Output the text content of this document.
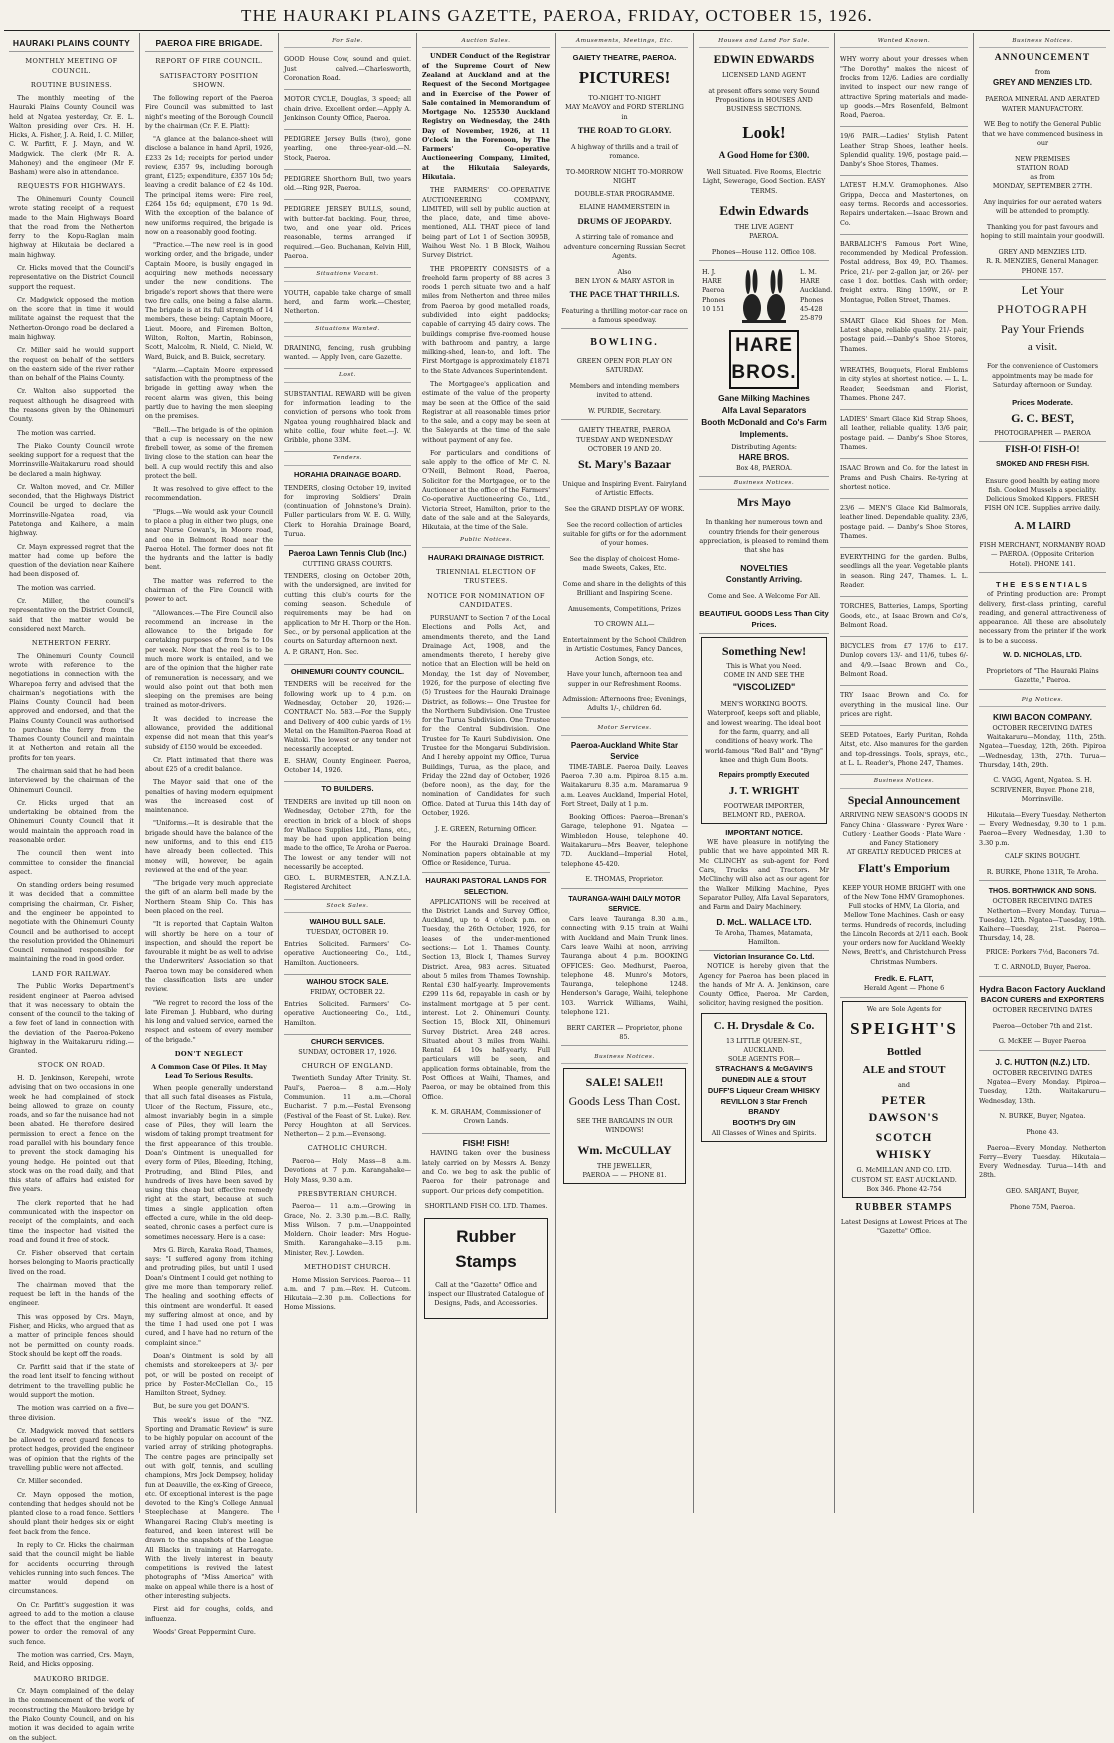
THE HAURAKI PLAINS GAZETTE, PAEROA, FRIDAY, OCTOBER 15, 1926.
HAURAKI PLAINS COUNTY
MONTHLY MEETING OF COUNCIL.
ROUTINE BUSINESS.

The monthly meeting of the Hauraki Plains County Council was held at Ngatea yesterday, Cr. E. L. Walton presiding over Crs. H. H. Hicks, A. Fisher, J. A. Reid, I. C. Miller, C. W. Parfitt, F. J. Mayn, and W. Madgwick. The clerk (Mr R. A. Mahoney) and the engineer (Mr F. Basham) were also in attendance.

REQUESTS FOR HIGHWAYS.

The Ohinemuri County Council wrote stating receipt of a request made to the Main Highways Board that the road from the Netherton ferry to the Kopu-Raglan main highway at Hikutaia be declared a main highway.

Cr. Hicks moved that the Council's representative on the District Council support the request.

Cr. Madgwick opposed the motion on the score that in time it would militate against the request that the Netherton-Orongo road be declared a main highway.

Cr. Miller said he would support the request on behalf of the settlers on the eastern side of the river rather than on behalf of the Plains County.

Cr. Walton also supported the request although he disagreed with the reasons given by the Ohinemuri County.

The motion was carried.

The Piako County Council wrote seeking support for a request that the Morrinsville-Waitakaruru road should be declared a main highway.

Cr. Walton moved, and Cr. Miller seconded, that the Highways District Council be urged to declare the Morrinsville-Ngatea road, via Patetonga and Kaihere, a main highway.

Cr. Mayn expressed regret that the matter had come up before the question of the deviation near Kaihere had been disposed of.

The motion was carried.

Cr. Miller, the council's representative on the District Council, said that the matter would be considered next March.

NETHERTON FERRY.

The Ohinemuri County Council wrote with reference to the negotiations in connection with the Wharepoa ferry and advised that the chairman's negotiations with the Plains County Council had been approved and endorsed, and that the Plains County Council was authorised to purchase the ferry from the Thames County Council and maintain it at Netherton and retain all the profits for ten years.

The chairman said that he had been interviewed by the chairman of the Ohinemuri Council.

Cr. Hicks urged that an undertaking be obtained from the Ohinemuri County Council that it would maintain the approach road in reasonable order.

The council then went into committee to consider the financial aspect.

On standing orders being resumed it was decided that a committee comprising the chairman, Cr. Fisher, and the engineer be appointed to negotiate with the Ohinemuri County Council and be authorised to accept the resolution provided the Ohinemuri Council remained responsible for maintaining the road in good order.

LAND FOR RAILWAY.

The Public Works Department's resident engineer at Paeroa advised that it was necessary to obtain the consent of the council to the taking of a few feet of land in connection with the deviation of the Paeroa-Pokeno highway in the Waitakaruru riding.—Granted.

STOCK ON ROAD.

H. D. Jenkinson, Kerepehi, wrote advising that on two occasions in one week he had complained of stock being allowed to graze on county roads, and so far the nuisance had not been abated. He therefore desired permission to erect a fence on the road parallel with his boundary fence to prevent the stock damaging his young hedge. He pointed out that stock was on the road daily, and that this state of affairs had existed for five years.

The clerk reported that he had communicated with the inspector on receipt of the complaints, and each time the inspector had visited the road and found it free of stock.

Cr. Fisher observed that certain horses belonging to Maoris practically lived on the road.

The chairman moved that the request be left in the hands of the engineer.

This was opposed by Crs. Mayn, Fisher, and Hicks, who argued that as a matter of principle fences should not be permitted on county roads. Stock should be kept off the roads.

Cr. Parfitt said that if the state of the road lent itself to fencing without detriment to the travelling public he would support the motion.

The motion was carried on a five—three division.

Cr. Madgwick moved that settlers be allowed to erect guard fences to protect hedges, provided the engineer was of opinion that the rights of the travelling public were not affected.

Cr. Miller seconded.

Cr. Mayn opposed the motion, contending that hedges should not be planted close to a road fence. Settlers should plant their hedges six or eight feet back from the fence.

In reply to Cr. Hicks the chairman said that the council might be liable for accidents occurring through vehicles running into such fences. The matter would depend on circumstances.

On Cr. Parfitt's suggestion it was agreed to add to the motion a clause to the effect that the engineer had power to order the removal of any such fence.

The motion was carried, Crs. Mayn, Reid, and Hicks opposing.

MAUKORO BRIDGE.

Cr. Mayn complained of the delay in the commencement of the work of reconstructing the Maukoro bridge by the Piako County Council, and on his motion it was decided to again write on the subject.

PAEROA FIRE BRIGADE.
REPORT OF FIRE COUNCIL.
SATISFACTORY POSITION SHOWN.

The following report of the Paeroa Fire Council was submitted to last night's meeting of the Borough Council by the chairman (Cr. F. E. Platt):

"A glance at the balance-sheet will disclose a balance in hand April, 1926, £233 2s 1d; receipts for period under review, £357 9s, including borough grant, £125; expenditure, £357 10s 5d; leaving a credit balance of £2 4s 10d. The principal items were: Fire reel, £264 15s 6d; equipment, £70 1s 9d. With the exception of the balance of new uniforms required, the brigade is now on a reasonably good footing.

"Practice.—The new reel is in good working order, and the brigade, under Captain Moore, is busily engaged in acquiring new methods necessary under the new conditions. The brigade's report shows that there were two fire calls, one being a false alarm. The brigade is at its full strength of 14 members, these being: Captain Moore, Lieut. Moore, and Firemen Bolton, Wilton, Rolton, Martin, Robinson, Scott, Malcolm, R. Nield, C. Nield, W. Ward, Buick, and B. Buick, secretary.

"Alarm.—Captain Moore expressed satisfaction with the promptness of the brigade in getting away when the recent alarm was given, this being partly due to having the men sleeping on the premises.

"Bell.—The brigade is of the opinion that a cup is necessary on the new firebell tower, as some of the firemen living close to the station can hear the bell. A cup would rectify this and also protect the bell.

It was resolved to give effect to the recommendation.

"Plugs.—We would ask your Council to place a plug in either two plugs, one near Nurse Cowan's, in Moore road, and one in Belmont Road near the Paeroa Hotel. The former does not fit the hydrants and the latter is badly bent.

The matter was referred to the chairman of the Fire Council with power to act.

"Allowances.—The Fire Council also recommend an increase in the allowance to the brigade for caretaking purposes of from 5s to 10s per week. Now that the reel is to be much more work is entailed, and we are of the opinion that the higher rate of remuneration is necessary, and we would also point out that both men sleeping on the premises are being trained as motor-drivers.

It was decided to increase the allowance, provided the additional expense did not mean that this year's subsidy of £150 would be exceeded.

Cr. Platt intimated that there was about £25 of a credit balance.

The Mayor said that one of the penalties of having modern equipment was the increased cost of maintenance.

"Uniforms.—It is desirable that the brigade should have the balance of the new uniforms, and to this end £15 have already been collected. This money will, however, be again reviewed at the end of the year.

"The brigade very much appreciate the gift of an alarm bell made by the Northern Steam Ship Co. This has been placed on the reel.

"It is reported that Captain Walton will shortly be here on a tour of inspection, and should the report be favourable it might be as well to advise the Underwriters' Association so that Paeroa town may be considered when the classification lists are under review.

"We regret to record the loss of the late Fireman J. Hubbard, who during his long and valued service, earned the respect and esteem of every member of the brigade."

DON'T NEGLECT
A Common Case Of Piles. It May Lead To Serious Results.

When people generally understand that all such fatal diseases as Fistula, Ulcer of the Rectum, Fissure, etc., almost invariably begin in a simple case of Piles, they will learn the wisdom of taking prompt treatment for the first appearance of this trouble. Doan's Ointment is unequalled for every form of Piles, Bleeding, Itching, Protruding, and Blind Piles, and hundreds of lives have been saved by using this cheap but effective remedy right at the start, because at such times a single application often effected a cure, while in the old deep-seated, chronic cases a perfect cure is sometimes necessary. Here is a case:

Mrs G. Birch, Karaka Road, Thames, says: "I suffered agony from itching and protruding piles, but until I used Doan's Ointment I could get nothing to give me more than temporary relief. The healing and soothing effects of this ointment are wonderful. It eased my suffering almost at once, and by the time I had used one pot I was cured, and I have had no return of the complaint since."

Doan's Ointment is sold by all chemists and storekeepers at 3/- per pot, or will be posted on receipt of price by Foster-McClellan Co., 15 Hamilton Street, Sydney.

But, be sure you get DOAN'S.

This week's issue of the "NZ. Sporting and Dramatic Review" is sure to be highly popular on account of the varied array of striking photographs. The centre pages are principally set out with golf, tennis, and sculling champions, Mrs Jock Dempsey, holiday fun at Deauville, the ex-King of Greece, etc. Of exceptional interest is the page devoted to the King's College Annual Steeplechase at Mangere. The Whangarei Racing Club's meeting is featured, and keen interest will be drawn to the snapshots of the League All Blacks in training at Harrogate. With the lively interest in beauty competitions is revived the latest photographs of "Miss America" with make on appeal while there is a host of other interesting subjects.

First aid for coughs, colds, and influenza.

Woods' Great Peppermint Cure.

For Sale.

GOOD House Cow, sound and quiet. Just calved.—Charlesworth, Coronation Road.

MOTOR CYCLE, Douglas, 3 speed; all chain drive. Excellent order.—Apply A. Jenkinson County Office, Paeroa.

PEDIGREE Jersey Bulls (two), gone yearling, one three-year-old.—N. Stock, Paeroa.

PEDIGREE Shorthorn Bull, two years old.—Ring 92R, Paeroa.

PEDIGREE JERSEY BULLS, sound, with butter-fat backing. Four, three, two, and one year old. Prices reasonable, terms arranged if required.—Geo. Buchanan, Kelvin Hill, Paeroa.

Situations Vacant.

YOUTH, capable take charge of small herd, and farm work.—Chester, Netherton.

Situations Wanted.

DRAINING, fencing, rush grubbing wanted. — Apply Iven, care Gazette.

Lost.

SUBSTANTIAL REWARD will be given for information leading to the conviction of persons who took from Ngatea young roughhaired black and white collie, four white feet.—J. W. Gribble, phone 33M.

Tenders.
HORAHIA DRAINAGE BOARD.

TENDERS, closing October 19, invited for improving Soldiers' Drain (continuation of Johnstone's Drain). Fuller particulars from W. E. G. Willy, Clerk to Horahia Drainage Board, Turua.

Paeroa Lawn Tennis Club (Inc.)
CUTTING GRASS COURTS.

TENDERS, closing on October 20th, with the undersigned, are invited for cutting this club's courts for the coming season. Schedule of requirements may be had on application to Mr H. Thorp or the Hon. Sec., or by personal application at the courts on Saturday afternoon next.

A. P. GRANT, Hon. Sec.

OHINEMURI COUNTY COUNCIL.

TENDERS will be received for the following work up to 4 p.m. on Wednesday, October 20, 1926:— CONTRACT No. 583.—For the Supply and Delivery of 400 cubic yards of 1½ Metal on the Hamilton-Paeroa Road at Waitoki. The lowest or any tender not necessarily accepted.

E. SHAW, County Engineer. Paeroa, October 14, 1926.

TO BUILDERS.

TENDERS are invited up till noon on Wednesday, October 27th, for the erection in brick of a block of shops for Wallace Supplies Ltd., Plans, etc., may be had upon application being made to the office, Te Aroha or Paeroa. The lowest or any tender will not necessarily be accepted.

GEO. L. BURMESTER, A.N.Z.I.A. Registered Architect

Stock Sales.
WAIHOU BULL SALE.
TUESDAY, OCTOBER 19.

Entries Solicited. Farmers' Co-operative Auctioneering Co., Ltd., Hamilton. Auctioneers.

WAIHOU STOCK SALE.
FRIDAY, OCTOBER 22.

Entries Solicited. Farmers' Co-operative Auctioneering Co., Ltd., Hamilton.

CHURCH SERVICES.
SUNDAY, OCTOBER 17, 1926.
CHURCH OF ENGLAND.

Twentieth Sunday After Trinity. St. Paul's, Paeroa— 8 a.m.—Holy Communion. 11 a.m.—Choral Eucharist. 7 p.m.—Festal Evensong (Festival of the Feast of St. Luke). Rev. Percy Houghton at all Services. Netherton— 2 p.m.—Evensong.

CATHOLIC CHURCH.

Paeroa— Holy Mass—8 a.m. Devotions at 7 p.m. Karangahake— Holy Mass, 9.30 a.m.

PRESBYTERIAN CHURCH.

Paeroa— 11 a.m.—Growing in Grace, No. 2. 3.30 p.m.—B.C. Rally, Miss Wilson. 7 p.m.—Unappointed Moldern. Choir leader: Mrs Hogue-Smith. Karangahake—3.15 p.m. Minister, Rev. J. Lowden.

METHODIST CHURCH.

Home Mission Services. Paeroa— 11 a.m. and 7 p.m.—Rev. H. Cutcom. Hikutaia—2.30 p.m. Collections for Home Missions.

Auction Sales.

UNDER Conduct of the Registrar of the Supreme Court of New Zealand at Auckland and at the Request of the Second Mortgagee and in Exercise of the Power of Sale contained in Memorandum of Mortgage No. 125530 Auckland Registry on Wednesday, the 24th Day of November, 1926, at 11 O'clock in the Forenoon, by The Farmers' Co-operative Auctioneering Company, Limited, at the Hikutaia Saleyards, Hikutaia.

THE FARMERS' CO-OPERATIVE AUCTIONEERING COMPANY, LIMITED, will sell by public auction at the place, date, and time above-mentioned, ALL THAT piece of land being part of Lot 1 of Section 3095B, Waihou West No. 1 B Block, Waihou Survey District.

THE PROPERTY CONSISTS of a freehold farm property of 88 acres 3 roods 1 perch situate two and a half miles from Netherton and three miles from Paeroa by good metalled roads, subdivided into eight paddocks; capable of carrying 45 dairy cows. The buildings comprise five-roomed house with bathroom and pantry, a large milking-shed, lean-to, and loft. The First Mortgage is approximately £1871 to the State Advances Superintendent.

The Mortgagee's application and estimate of the value of the property may be seen at the Office of the said Registrar at all reasonable times prior to the sale, and a copy may be seen at the Saleyards at the time of the sale without payment of any fee.

For particulars and conditions of sale apply to the office of Mr C. N. O'Neill, Belmont Road, Paeroa, Solicitor for the Mortgagee, or to the Auctioneer at the office of the Farmers' Co-operative Auctioneering Co., Ltd., Victoria Street, Hamilton, prior to the date of the sale and at the Saleyards, Hikutaia, at the time of the Sale.

Public Notices.
HAURAKI DRAINAGE DISTRICT.
TRIENNIAL ELECTION OF TRUSTEES.
NOTICE FOR NOMINATION OF CANDIDATES.

PURSUANT to Section 7 of the Local Elections and Polls Act, and amendments thereto, and the Land Drainage Act, 1908, and the amendments thereto, I hereby give notice that an Election will be held on Monday, the 1st day of November, 1926, for the purpose of electing five (5) Trustees for the Hauraki Drainage District, as follows:— One Trustee for the Northern Subdivision. One Trustee for the Turua Subdivision. One Trustee for the Central Subdivision. One Trustee for Te Kauri Subdivision. One Trustee for the Mongarui Subdivision. And I hereby appoint my Office, Turua Buildings, Turua, as the place, and Friday the 22nd day of October, 1926 (before noon), as the day, for the nomination of Candidates for such Office. Dated at Turua this 14th day of October, 1926.

J. E. GREEN, Returning Officer.

For the Hauraki Drainage Board. Nomination papers obtainable at my Office or Residence, Turua.

HAURAKI PASTORAL LANDS FOR SELECTION.

APPLICATIONS will be received at the District Lands and Survey Office, Auckland, up to 4 o'clock p.m. on Tuesday, the 26th October, 1926, for leases of the under-mentioned sections:— Lot 1. Thames County. Section 13, Block I, Thames Survey District. Area, 983 acres. Situated about 5 miles from Thames Township. Rental £30 half-yearly. Improvements £299 11s 6d, repayable in cash or by instalment mortgage at 5 per cent. interest. Lot 2. Ohinemuri County. Section 15, Block XII, Ohinemuri Survey District. Area 248 acres. Situated about 3 miles from Waihi. Rental £4 10s half-yearly. Full particulars will be seen, and application forms obtainable, from the Post Offices at Waihi, Thames, and Paeroa, or may be obtained from this Office.

K. M. GRAHAM, Commissioner of Crown Lands.

FISH! FISH!

HAVING taken over the business lately carried on by Messrs A. Benzy and Co. we beg to ask the public of Paeroa for their patronage and support. Our prices defy competition.

SHORTLAND FISH CO. LTD. Thames.

Rubber Stamps

Call at the "Gazette" Office and inspect our Illustrated Catalogue of Designs, Pads, and Accessories.

Amusements, Meetings, Etc.
GAIETY THEATRE, PAEROA.
PICTURES!
TO-NIGHT TO-NIGHT
MAY McAVOY and FORD STERLING in
THE ROAD TO GLORY.

A highway of thrills and a trail of romance.

TO-MORROW NIGHT TO-MORROW NIGHT
DOUBLE-STAR PROGRAMME.
ELAINE HAMMERSTEIN in
DRUMS OF JEOPARDY.

A stirring tale of romance and adventure concerning Russian Secret Agents.

Also
BEN LYON & MARY ASTOR in
THE PACE THAT THRILLS.

Featuring a thrilling motor-car race on a famous speedway.

BOWLING.

GREEN OPEN FOR PLAY ON SATURDAY.

Members and intending members invited to attend.

W. PURDIE, Secretary.

GAIETY THEATRE, PAEROA
TUESDAY AND WEDNESDAY OCTOBER 19 AND 20.
St. Mary's Bazaar

Unique and Inspiring Event. Fairyland of Artistic Effects.

See the GRAND DISPLAY OF WORK.

See the record collection of articles suitable for gifts or for the adornment of your homes.

See the display of choicest Home-made Sweets, Cakes, Etc.

Come and share in the delights of this Brilliant and Inspiring Scene.

Amusements, Competitions, Prizes

TO CROWN ALL—

Entertainment by the School Children in Artistic Costumes, Fancy Dances, Action Songs, etc.

Have your lunch, afternoon tea and supper in our Refreshment Rooms.

Admission: Afternoons free; Evenings, Adults 1/-, children 6d.

Motor Services.
Paeroa-Auckland White Star Service

TIME-TABLE. Paeroa Daily. Leaves Paeroa 7.30 a.m. Pipiroa 8.15 a.m. Waitakaruru 8.35 a.m. Maramarua 9 a.m. Leaves Auckland, Imperial Hotel, Fort Street, Daily at 1 p.m.

Booking Offices: Paeroa—Brenan's Garage, telephone 91. Ngatea — Wimbledon House, telephone 40. Waitakaruru—Mrs Beaver, telephone 7D. Auckland—Imperial Hotel, telephone 45-420.

E. THOMAS, Proprietor.

TAURANGA-WAIHI DAILY MOTOR SERVICE.

Cars leave Tauranga 8.30 a.m., connecting with 9.15 train at Waihi with Auckland and Main Trunk lines. Cars leave Waihi at noon, arriving Tauranga about 4 p.m. BOOKING OFFICES: Geo. Medhurst, Paeroa, telephone 48. Munro's Motors, Tauranga, telephone 1248. Henderson's Garage, Waihi, telephone 103. Warrick Williams, Waihi, telephone 121.

BERT CARTER — Proprietor, phone 85.

Business Notices.
SALE! SALE!!
Goods Less Than Cost.

SEE THE BARGAINS IN OUR WINDOWS!

Wm. McCULLAY
THE JEWELLER,
PAEROA — — PHONE 81.
Houses and Land For Sale.
EDWIN EDWARDS
LICENSED LAND AGENT

at present offers some very Sound Propositions in HOUSES AND BUSINESS SECTIONS.

Look!
A Good Home for £300.

Well Situated. Five Rooms, Electric Light, Sewerage, Good Section. EASY TERMS.

Edwin Edwards
THE LIVE AGENT
PAEROA.

Phones—House 112. Office 108.

H. J. HARE Paeroa Phones 10 151
L. M. HARE Auckland. Phones 45-428 25-879
HARE BROS.
Gane Milking Machines
Alfa Laval Separators
Booth McDonald and Co's Farm Implements.
Distributing Agents:
HARE BROS.
Box 48, PAEROA.
Business Notices.
Mrs Mayo

In thanking her numerous town and country friends for their generous appreciation, is pleased to remind them that she has

NOVELTIES
Constantly Arriving.

Come and See. A Welcome For All.

BEAUTIFUL GOODS Less Than City Prices.
Something New!
This is What you Need.
COME IN AND SEE THE
"VISCOLIZED"

MEN'S WORKING BOOTS. Waterproof, keeps soft and pliable, and lowest wearing. The ideal boot for the farm, quarry, and all conditions of heavy work. The world-famous "Red Ball" and "Byng" knee and thigh Gum Boots.

Repairs promptly Executed
J. T. WRIGHT
FOOTWEAR IMPORTER, BELMONT RD., PAEROA.
IMPORTANT NOTICE.

WE have pleasure in notifying the public that we have appointed MR R. Mc CLINCHY as sub-agent for Ford Cars, Trucks and Tractors. Mr McClinchy will also act as our agent for the Walker Milking Machine, Pyes Separator Pulley, Alfa Laval Separators, and Farm and Dairy Machinery.

D. McL. WALLACE LTD.
Te Aroha, Thames, Matamata, Hamilton.
Victorian Insurance Co. Ltd.

NOTICE is hereby given that the Agency for Paeroa has been placed in the hands of Mr A. A. Jenkinson, care County Office, Paeroa. Mr Carden, solicitor, having resigned the position.

C. H. Drysdale & Co.
13 LITTLE QUEEN-ST., AUCKLAND.
SOLE AGENTS FOR—
STRACHAN'S & McGAVIN'S DUNEDIN ALE & STOUT
DUFF'S Liqueur Cream WHISKY
REVILLON 3 Star French BRANDY
BOOTH'S Dry GIN
All Classes of Wines and Spirits.
Wanted Known.

WHY worry about your dresses when "The Dorothy" makes the nicest of frocks from 12/6. Ladies are cordially invited to inspect our new range of attractive Spring materials and made-up goods.—Mrs Rosenfeld, Belmont Road, Paeroa.

19/6 PAIR.—Ladies' Stylish Patent Leather Strap Shoes, leather heels. Splendid quality. 19/6, postage paid.—Danby's Shoe Stores, Thames.

LATEST H.M.V. Gramophones. Also Grippa, Decca and Mastertones, on easy terms. Records and accessories. Repairs undertaken.—Isaac Brown and Co.

BARBALICH'S Famous Port Wine, recommended by Medical Profession. Postal address, Box 49, P.O. Thames. Price, 21/- per 2-gallon jar, or 26/- per case 1 doz. bottles. Cash with order; freight extra. Ring 159W., or P. Montague, Pollen Street, Thames.

SMART Glace Kid Shoes for Men. Latest shape, reliable quality. 21/- pair, postage paid.—Danby's Shoe Stores, Thames.

WREATHS, Bouquets, Floral Emblems in city styles at shortest notice. — L. L. Reader, Seedsman and Florist, Thames. Phone 247.

LADIES' Smart Glace Kid Strap Shoes, all leather, reliable quality. 13/6 pair, postage paid. — Danby's Shoe Stores, Thames.

ISAAC Brown and Co. for the latest in Prams and Push Chairs. Re-tyring at shortest notice.

23/6 — MEN'S Glace Kid Balmorals, leather lined. Dependable quality. 23/6, postage paid. — Danby's Shoe Stores, Thames.

EVERYTHING for the garden. Bulbs, seedlings all the year. Vegetable plants in season. Ring 247, Thames. L. L. Reader.

TORCHES, Batteries, Lamps, Sporting Goods, etc., at Isaac Brown and Co's, Belmont Road.

BICYCLES from £7 17/6 to £17. Dunlop covers 13/- and 11/6, tubes 6/- and 4/9.—Isaac Brown and Co., Belmont Road.

TRY Isaac Brown and Co. for everything in the musical line. Our prices are right.

SEED Potatoes, Early Puritan, Rohda Aitst, etc. Also manures for the garden and top-dressings. Tools, sprays, etc., at L. L. Reader's, Phone 247, Thames.

Business Notices.
Special Announcement
ARRIVING NEW SEASON'S GOODS IN
Fancy China · Glassware · Pyrex Ware · Cutlery · Leather Goods · Plate Ware · and Fancy Stationery
AT GREATLY REDUCED PRICES at
Flatt's Emporium

KEEP YOUR HOME BRIGHT with one of the New Tone HMV Gramophones. Full stocks of HMV, La Gloria, and Mellow Tone Machines. Cash or easy terms. Hundreds of records, including the Lincoln Records at 2/11 each. Book your orders now for Auckland Weekly News, Brett's, and Christchurch Press Christmas Numbers.

Fredk. E. FLATT,
Herald Agent — Phone 6
We are Sole Agents for
SPEIGHT'S
Bottled
ALE and STOUT
and
PETER DAWSON'S
SCOTCH WHISKY
G. McMILLAN AND CO. LTD.
CUSTOM ST. EAST AUCKLAND.
Box 346. Phone 42-754
RUBBER STAMPS
Latest Designs at Lowest Prices at The "Gazette" Office.
Business Notices.
ANNOUNCEMENT
from
GREY AND MENZIES LTD.

PAEROA MINERAL AND AERATED WATER MANUFACTORY.

WE Beg to notify the General Public that we have commenced business in our

NEW PREMISES
STATION ROAD
as from
MONDAY, SEPTEMBER 27TH.

Any inquiries for our aerated waters will be attended to promptly.

Thanking you for past favours and hoping to still maintain your goodwill.

GREY AND MENZIES LTD.
R. R. MENZIES, General Manager.
PHONE 157.
Let Your
PHOTOGRAPH
Pay Your Friends
a visit.

For the convenience of Customers appointments may be made for Saturday afternoon or Sunday.

Prices Moderate.
G. C. BEST,
PHOTOGRAPHER — PAEROA
FISH-O! FISH-O!
SMOKED AND FRESH FISH.

Ensure good health by eating more fish. Cooked Mussels a speciality. Delicious Smoked Kippers. FRESH FISH ON ICE. Supplies arrive daily.

A. M LAIRD

FISH MERCHANT, NORMANBY ROAD — PAEROA. (Opposite Criterion Hotel). PHONE 141.

THE ESSENTIALS

of Printing production are: Prompt delivery, first-class printing, careful reading, and general attractiveness of appearance. All these are absolutely necessary from the printer if the work is to be a success.

W. D. NICHOLAS, LTD.

Proprietors of "The Hauraki Plains Gazette," Paeroa.

Pig Notices.
KIWI BACON COMPANY.
OCTOBER RECEIVING DATES

Waitakaruru—Monday, 11th, 25th. Ngatea—Tuesday, 12th, 26th. Pipiroa—Wednesday, 13th, 27th. Turua—Thursday, 14th, 29th.

C. VAGG, Agent, Ngatea. S. H. SCRIVENER, Buyer. Phone 218, Morrinsville.

Hikutaia—Every Tuesday. Netherton — Every Wednesday, 9.30 to 1 p.m. Paeroa—Every Wednesday, 1.30 to 3.30 p.m.

CALF SKINS BOUGHT.

R. BURKE, Phone 131R, Te Aroha.

THOS. BORTHWICK AND SONS.
OCTOBER RECEIVING DATES

Netherton—Every Monday. Turua—Tuesday, 12th. Ngatea—Tuesday, 19th. Kaihere—Tuesday, 21st. Paeroa—Thursday, 14, 28.

PRICE: Porkers 7½d, Baconers 7d.

T. C. ARNOLD, Buyer, Paeroa.

Hydra Bacon Factory Auckland
BACON CURERS and EXPORTERS
OCTOBER RECEIVING DATES

Paeroa—October 7th and 21st.

G. McKEE — Buyer Paeroa

J. C. HUTTON (N.Z.) LTD.
OCTOBER RECEIVING DATES

Ngatea—Every Monday. Pipiroa—Tuesday, 12th. Waitakaruru—Wednesday, 13th.

N. BURKE, Buyer, Ngatea.

Phone 43.

Paeroa—Every Monday. Netherton Ferry—Every Tuesday. Hikutaia—Every Wednesday. Turua—14th and 28th.

GEO. SARJANT, Buyer,

Phone 75M, Paeroa.
